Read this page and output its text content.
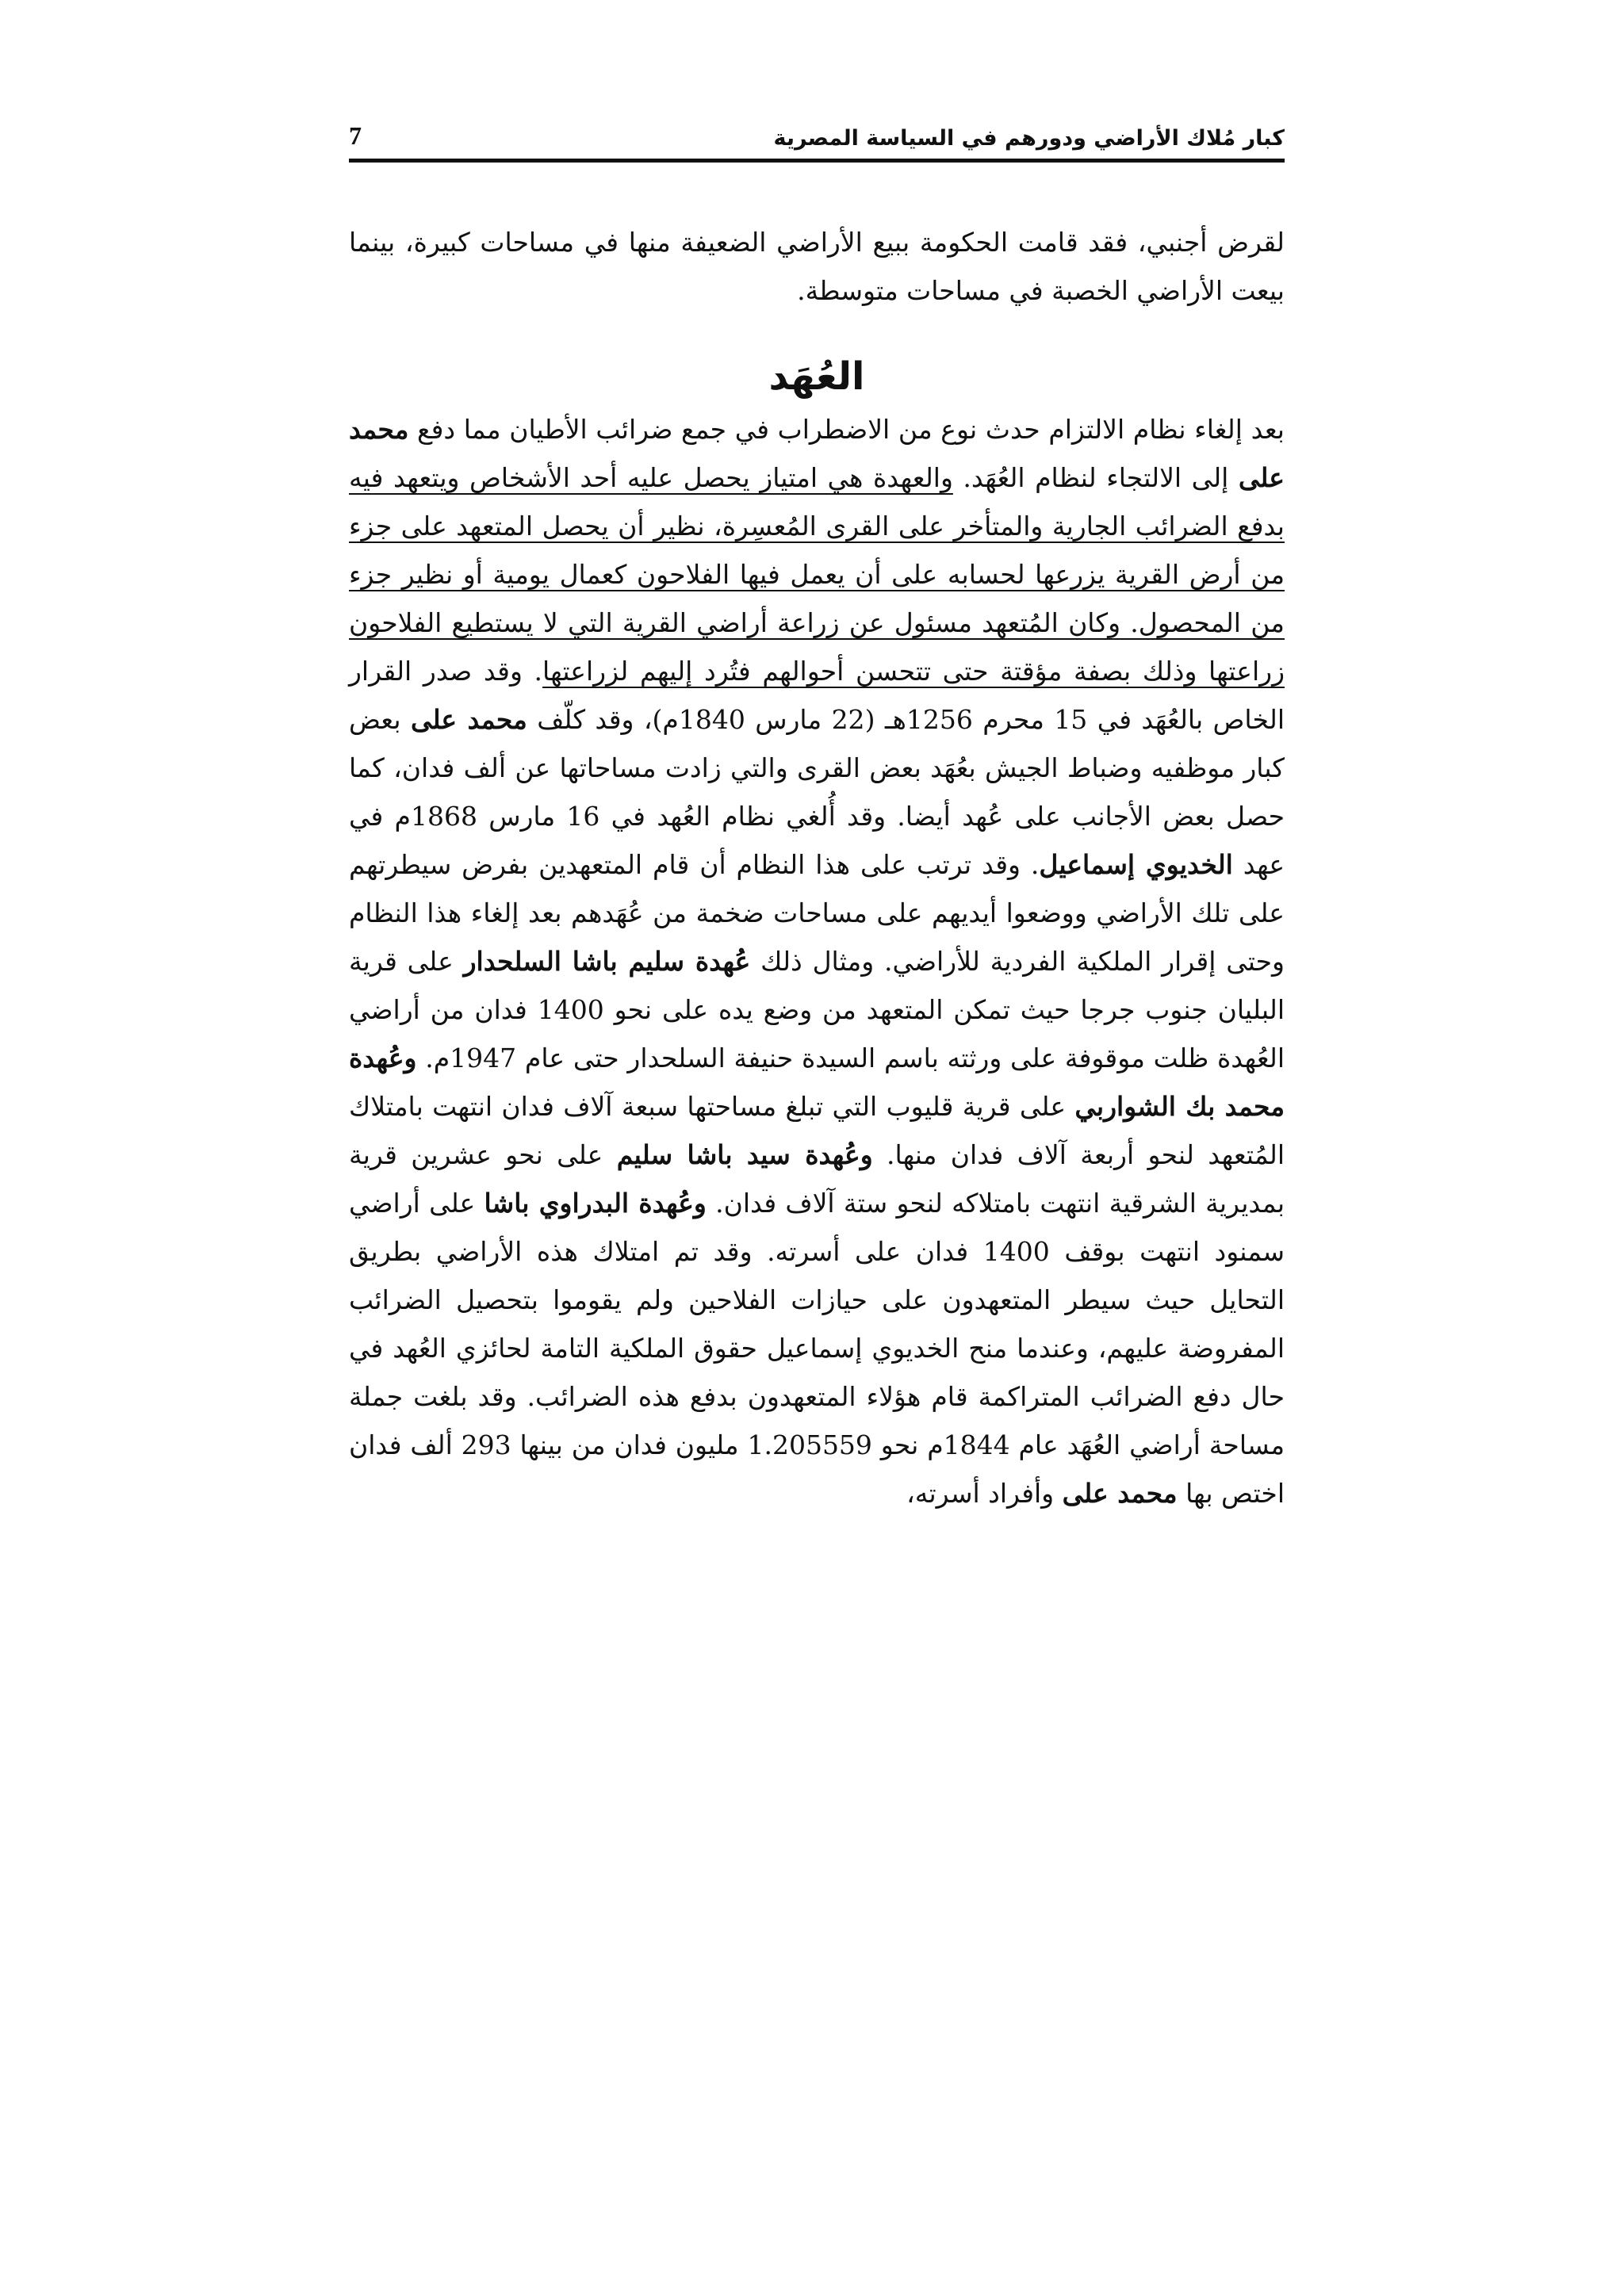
كبار مُلاك الأراضي ودورهم في السياسة المصرية
7

لقرض أجنبي، فقد قامت الحكومة ببيع الأراضي الضعيفة منها في مساحات كبيرة، بينما بيعت الأراضي الخصبة في مساحات متوسطة.

العُهَد

بعد إلغاء نظام الالتزام حدث نوع من الاضطراب في جمع ضرائب الأطيان مما دفع محمد على إلى الالتجاء لنظام العُهَد. والعهدة هي امتياز يحصل عليه أحد الأشخاص ويتعهد فيه بدفع الضرائب الجارية والمتأخر على القرى المُعسِرة، نظير أن يحصل المتعهد على جزء من أرض القرية يزرعها لحسابه على أن يعمل فيها الفلاحون كعمال يومية أو نظير جزء من المحصول. وكان المُتعهد مسئول عن زراعة أراضي القرية التي لا يستطيع الفلاحون زراعتها وذلك بصفة مؤقتة حتى تتحسن أحوالهم فتُرد إليهم لزراعتها. وقد صدر القرار الخاص بالعُهَد في 15 محرم 1256هـ (22 مارس 1840م)، وقد كلّف محمد على بعض كبار موظفيه وضباط الجيش بعُهَد بعض القرى والتي زادت مساحاتها عن ألف فدان، كما حصل بعض الأجانب على عُهد أيضا. وقد أُلغي نظام العُهد في 16 مارس 1868م في عهد الخديوي إسماعيل. وقد ترتب على هذا النظام أن قام المتعهدين بفرض سيطرتهم على تلك الأراضي ووضعوا أيديهم على مساحات ضخمة من عُهَدهم بعد إلغاء هذا النظام وحتى إقرار الملكية الفردية للأراضي. ومثال ذلك عُهدة سليم باشا السلحدار على قرية البليان جنوب جرجا حيث تمكن المتعهد من وضع يده على نحو 1400 فدان من أراضي العُهدة ظلت موقوفة على ورثته باسم السيدة حنيفة السلحدار حتى عام 1947م. وعُهدة محمد بك الشواربي على قرية قليوب التي تبلغ مساحتها سبعة آلاف فدان انتهت بامتلاك المُتعهد لنحو أربعة آلاف فدان منها. وعُهدة سيد باشا سليم على نحو عشرين قرية بمديرية الشرقية انتهت بامتلاكه لنحو ستة آلاف فدان. وعُهدة البدراوي باشا على أراضي سمنود انتهت بوقف 1400 فدان على أسرته. وقد تم امتلاك هذه الأراضي بطريق التحايل حيث سيطر المتعهدون على حيازات الفلاحين ولم يقوموا بتحصيل الضرائب المفروضة عليهم، وعندما منح الخديوي إسماعيل حقوق الملكية التامة لحائزي العُهد في حال دفع الضرائب المتراكمة قام هؤلاء المتعهدون بدفع هذه الضرائب. وقد بلغت جملة مساحة أراضي العُهَد عام 1844م نحو 1.205559 مليون فدان من بينها 293 ألف فدان اختص بها محمد على وأفراد أسرته،
